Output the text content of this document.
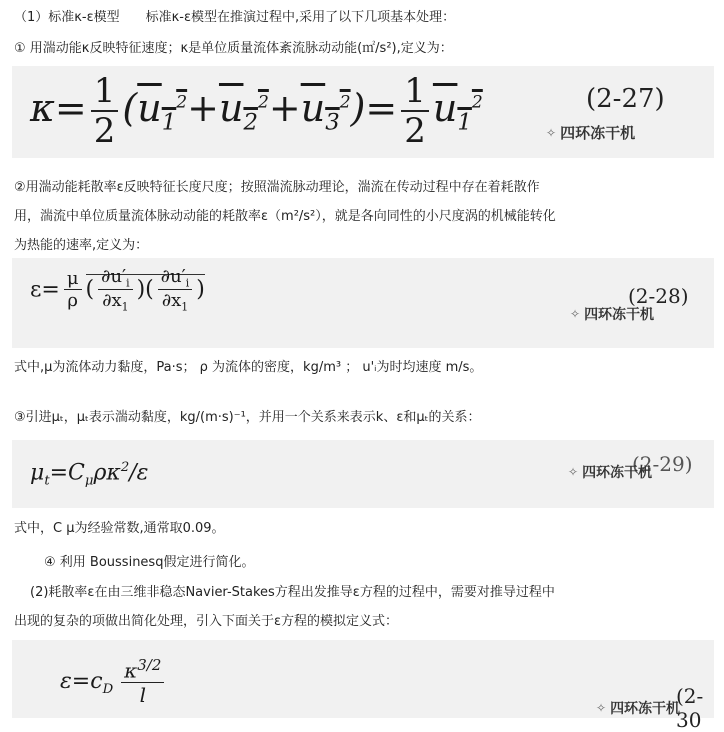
（1）标准κ-ε模型　　标准κ-ε模型在推演过程中,采用了以下几项基本处理：
① 用湍动能κ反映特征速度；κ是单位质量流体紊流脉动动能(㎡/s²),定义为：
$\kappa= \frac{1}{2} (u_1^2+u_2^2+u_3^2)= \frac{1}{2} u_1^2$	(2-27)
✧ 四环冻干机
②用湍动能耗散率ε反映特征长度尺度；按照湍流脉动理论，湍流在传动过程中存在着耗散作
用，湍流中单位质量流体脉动动能的耗散率ε（m²/s²），就是各向同性的小尺度涡的机械能转化
为热能的速率,定义为：
$\varepsilon= \frac{\mu}{\rho}$ ( $\frac{\partial u'_i}{\partial x_1}$ )( $\frac{\partial u'_i}{\partial x_1}$ )	(2-28)
✧ 四环冻干机
式中,μ为流体动力黏度，Pa·s； ρ 为流体的密度，kg/m³ ； u'ᵢ为时均速度 m/s。
③引进μₜ，μₜ表示湍动黏度，kg/(m·s)⁻¹，并用一个关系来表示k、ε和μₜ的关系：
$\mu_t=C_\mu\rho\kappa^2/\varepsilon$	(2-29)
✧ 四环冻干机
式中，C μ为经验常数,通常取0.09。
④ 利用 Boussinesq假定进行简化。
(2)耗散率ε在由三维非稳态Navier-Stakes方程出发推导ε方程的过程中，需要对推导过程中
出现的复杂的项做出简化处理，引入下面关于ε方程的模拟定义式：
$\varepsilon=c_D \frac{\kappa^{3/2}}{l}$	(2-30
✧ 四环冻干机
